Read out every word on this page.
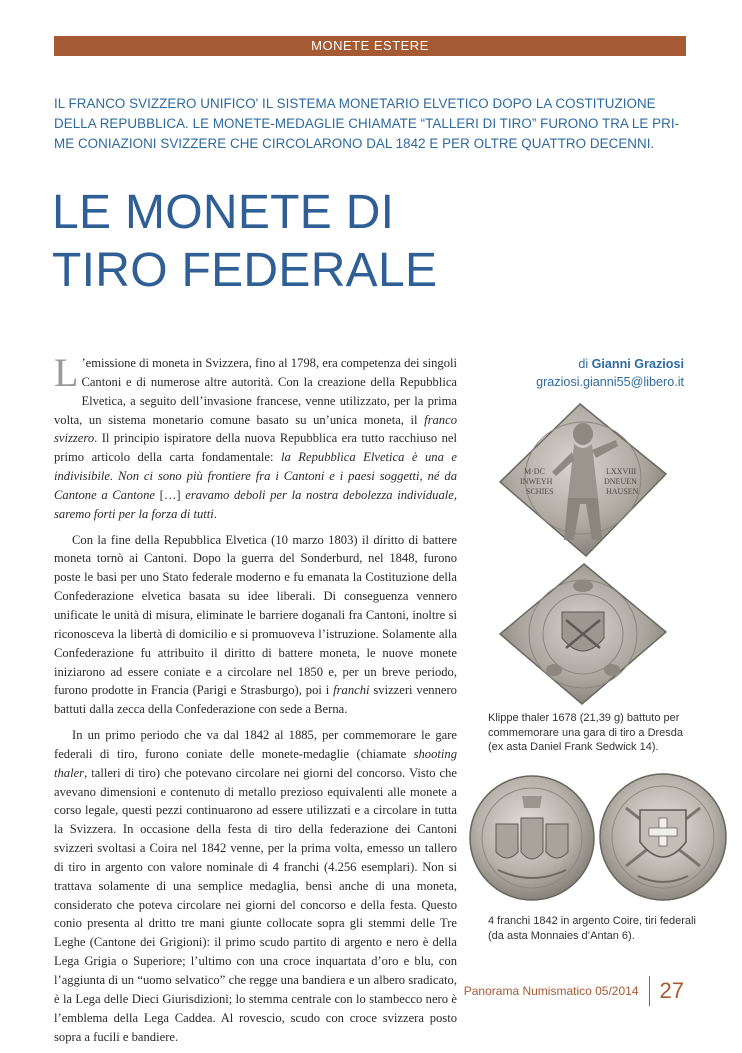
MONETE ESTERE
IL FRANCO SVIZZERO UNIFICO' IL SISTEMA MONETARIO ELVETICO DOPO LA COSTITUZIONE
DELLA REPUBBLICA. LE MONETE-MEDAGLIE CHIAMATE “TALLERI DI TIRO” FURONO TRA LE PRI-
ME CONIAZIONI SVIZZERE CHE CIRCOLARONO DAL 1842 E PER OLTRE QUATTRO DECENNI.
LE MONETE DI
TIRO FEDERALE
di Gianni Graziosi
graziosi.gianni55@libero.it

L ’emissione di moneta in Svizzera, fino al 1798, era competenza dei singoli Cantoni e di numerose altre autorità. Con la creazione della Repubblica Elvetica, a seguito dell’invasione francese, venne utilizzato, per la prima volta, un sistema monetario comune basato su un’unica moneta, il franco svizzero. Il principio ispiratore della nuova Repubblica era tutto racchiuso nel primo articolo della carta fondamentale: la Repubblica Elvetica è una e indivisibile. Non ci sono più frontiere fra i Cantoni e i paesi soggetti, né da Cantone a Cantone […] eravamo deboli per la nostra debolezza individuale, saremo forti per la forza di tutti.

Con la fine della Repubblica Elvetica (10 marzo 1803) il diritto di battere moneta tornò ai Cantoni. Dopo la guerra del Sonderburd, nel 1848, furono poste le basi per uno Stato federale moderno e fu emanata la Costituzione della Confederazione elvetica basata su idee liberali. Di conseguenza vennero unificate le unità di misura, eliminate le barriere doganali fra Cantoni, inoltre si riconosceva la libertà di domicilio e si promuoveva l’istruzione. Solamente alla Confederazione fu attribuito il diritto di battere moneta, le nuove monete iniziarono ad essere coniate e a circolare nel 1850 e, per un breve periodo, furono prodotte in Francia (Parigi e Strasburgo), poi i franchi svizzeri vennero battuti dalla zecca della Confederazione con sede a Berna.

In un primo periodo che va dal 1842 al 1885, per commemorare le gare federali di tiro, furono coniate delle monete-medaglie (chiamate shooting thaler, talleri di tiro) che potevano circolare nei giorni del concorso. Visto che avevano dimensioni e contenuto di metallo prezioso equivalenti alle monete a corso legale, questi pezzi continuarono ad essere utilizzati e a circolare in tutta la Svizzera. In occasione della festa di tiro della federazione dei Cantoni svizzeri svoltasi a Coira nel 1842 venne, per la prima volta, emesso un tallero di tiro in argento con valore nominale di 4 franchi (4.256 esemplari). Non si trattava solamente di una semplice medaglia, bensì anche di una moneta, considerato che poteva circolare nei giorni del concorso e della festa. Questo conio presenta al dritto tre mani giunte collocate sopra gli stemmi delle Tre Leghe (Cantone dei Grigioni): il primo scudo partito di argento e nero è della Lega Grigia o Superiore; l’ultimo con una croce inquartata d’oro e blu, con l’aggiunta di un “uomo selvatico” che regge una bandiera e un albero sradicato, è la Lega delle Dieci Giurisdizioni; lo stemma centrale con lo stambecco nero è l’emblema della Lega Caddea. Al rovescio, scudo con croce svizzera posto sopra a fucili e bandiere.

M·DC
INWEYH
SCHIES
LXXVIII
DNEUEN
HAUSEN
Klippe thaler 1678 (21,39 g) battuto per commemorare una gara di tiro a Dresda (ex asta Daniel Frank Sedwick 14).
4 franchi 1842 in argento Coire, tiri federali (da asta Monnaies d’Antan 6).
Panorama Numismatico 05/2014 27
